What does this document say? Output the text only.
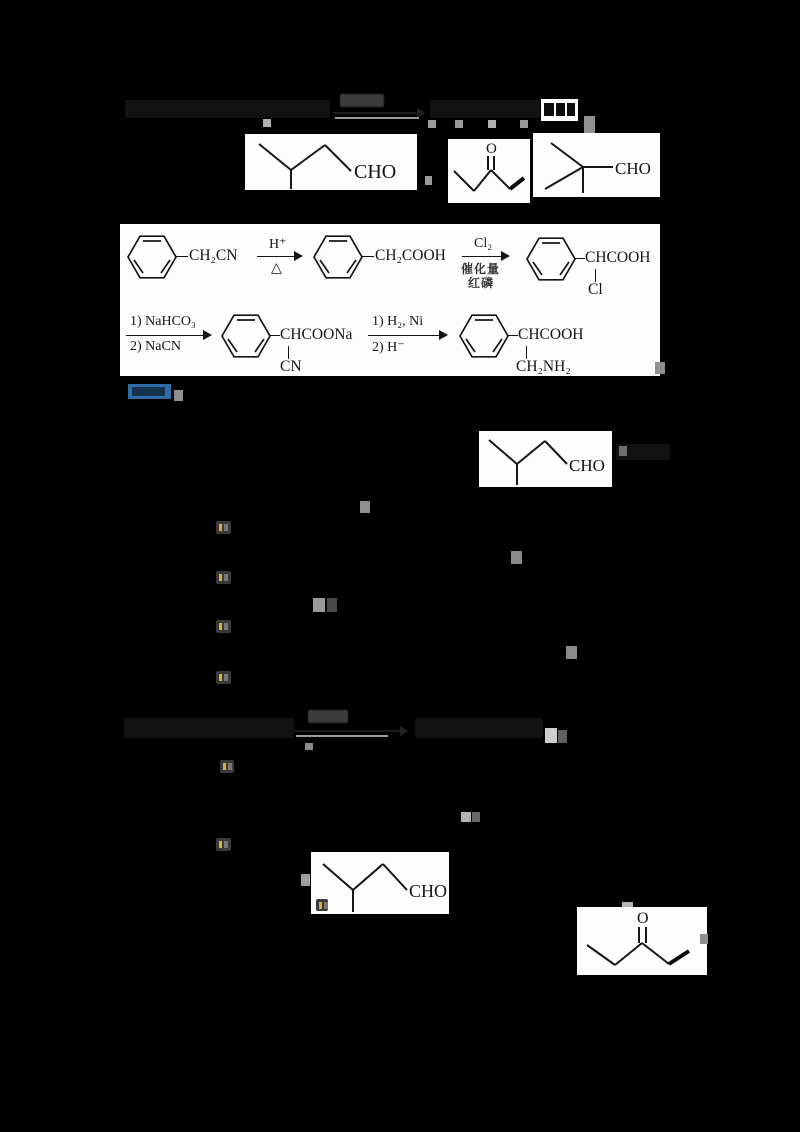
CHO
O
CHO
CH₂CN
H⁺
△
CH₂COOH
Cl₂
催化量
红磷
CHCOOH
Cl
1) NaHCO₃
2) NaCN
CHCOONa
CN
1) H₂, Ni
2) H⁻
CHCOOH
CH₂NH₂
CHO
CHO
O
